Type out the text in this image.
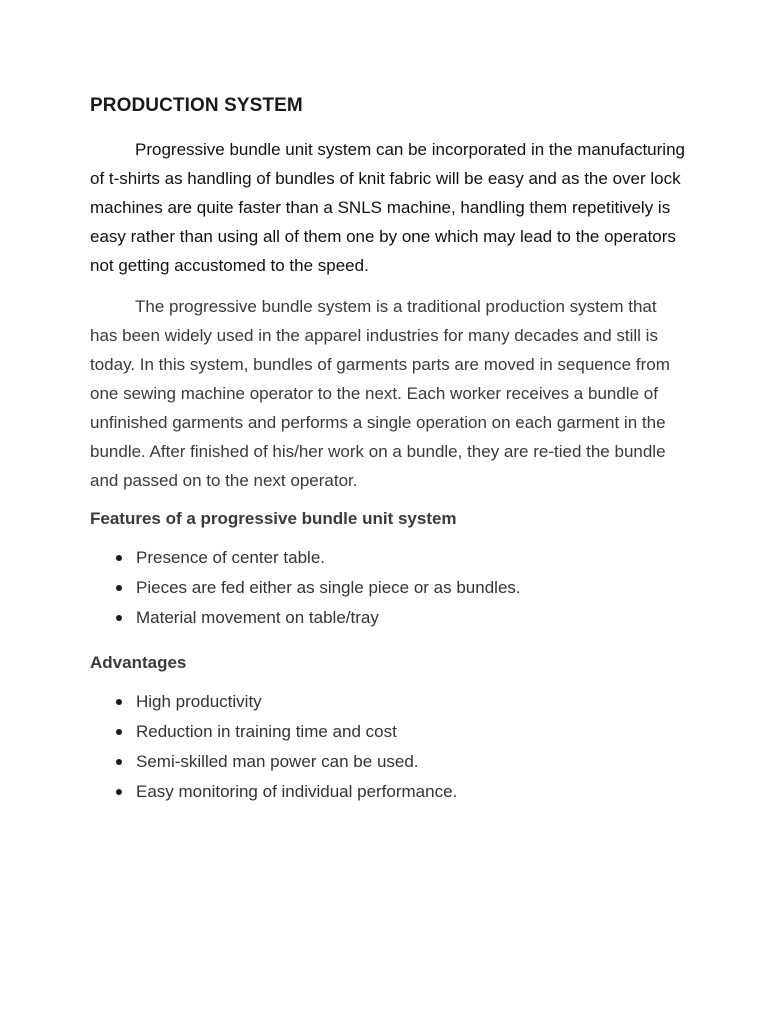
PRODUCTION SYSTEM

Progressive bundle unit system can be incorporated in the manufacturing of t-shirts as handling of bundles of knit fabric will be easy and as the over lock machines are quite faster than a SNLS machine, handling them repetitively is easy rather than using all of them one by one which may lead to the operators not getting accustomed to the speed.

The progressive bundle system is a traditional production system that has been widely used in the apparel industries for many decades and still is today. In this system, bundles of garments parts are moved in sequence from one sewing machine operator to the next. Each worker receives a bundle of unfinished garments and performs a single operation on each garment in the bundle. After finished of his/her work on a bundle, they are re-tied the bundle and passed on to the next operator.

Features of a progressive bundle unit system
Presence of center table.
Pieces are fed either as single piece or as bundles.
Material movement on table/tray
Advantages
High productivity
Reduction in training time and cost
Semi-skilled man power can be used.
Easy monitoring of individual performance.
